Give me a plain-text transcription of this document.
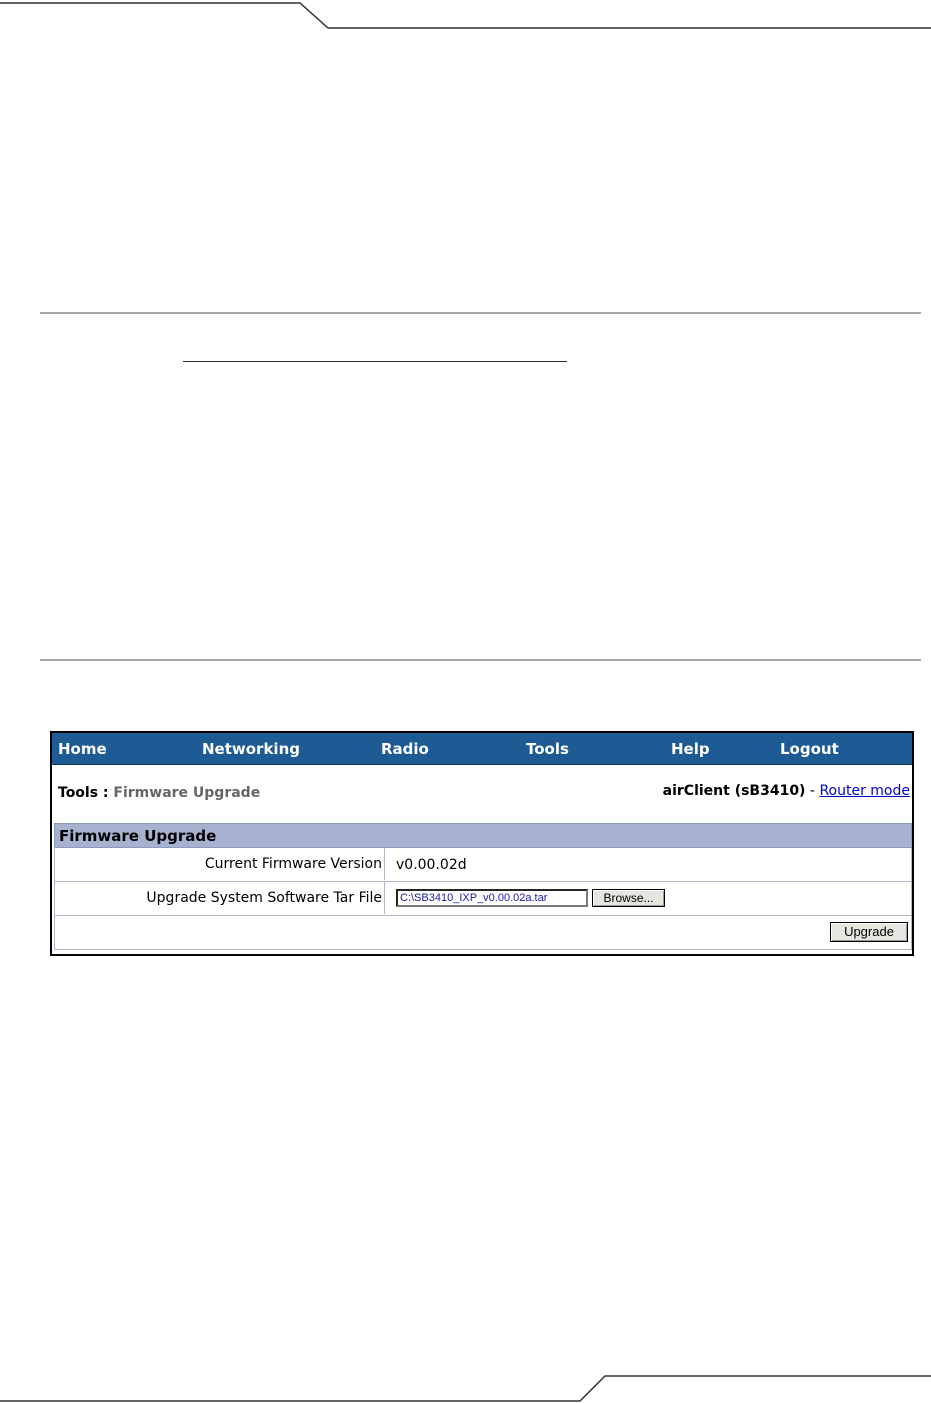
Home	Networking	Radio	Tools	Help	Logout
Tools : Firmware Upgrade	airClient (sB3410) - Router mode
Firmware Upgrade
Current Firmware Version v0.00.02d
Upgrade System Software Tar File	C:\SB3410_IXP_v0.00.02a.tar	Browse...
Upgrade
